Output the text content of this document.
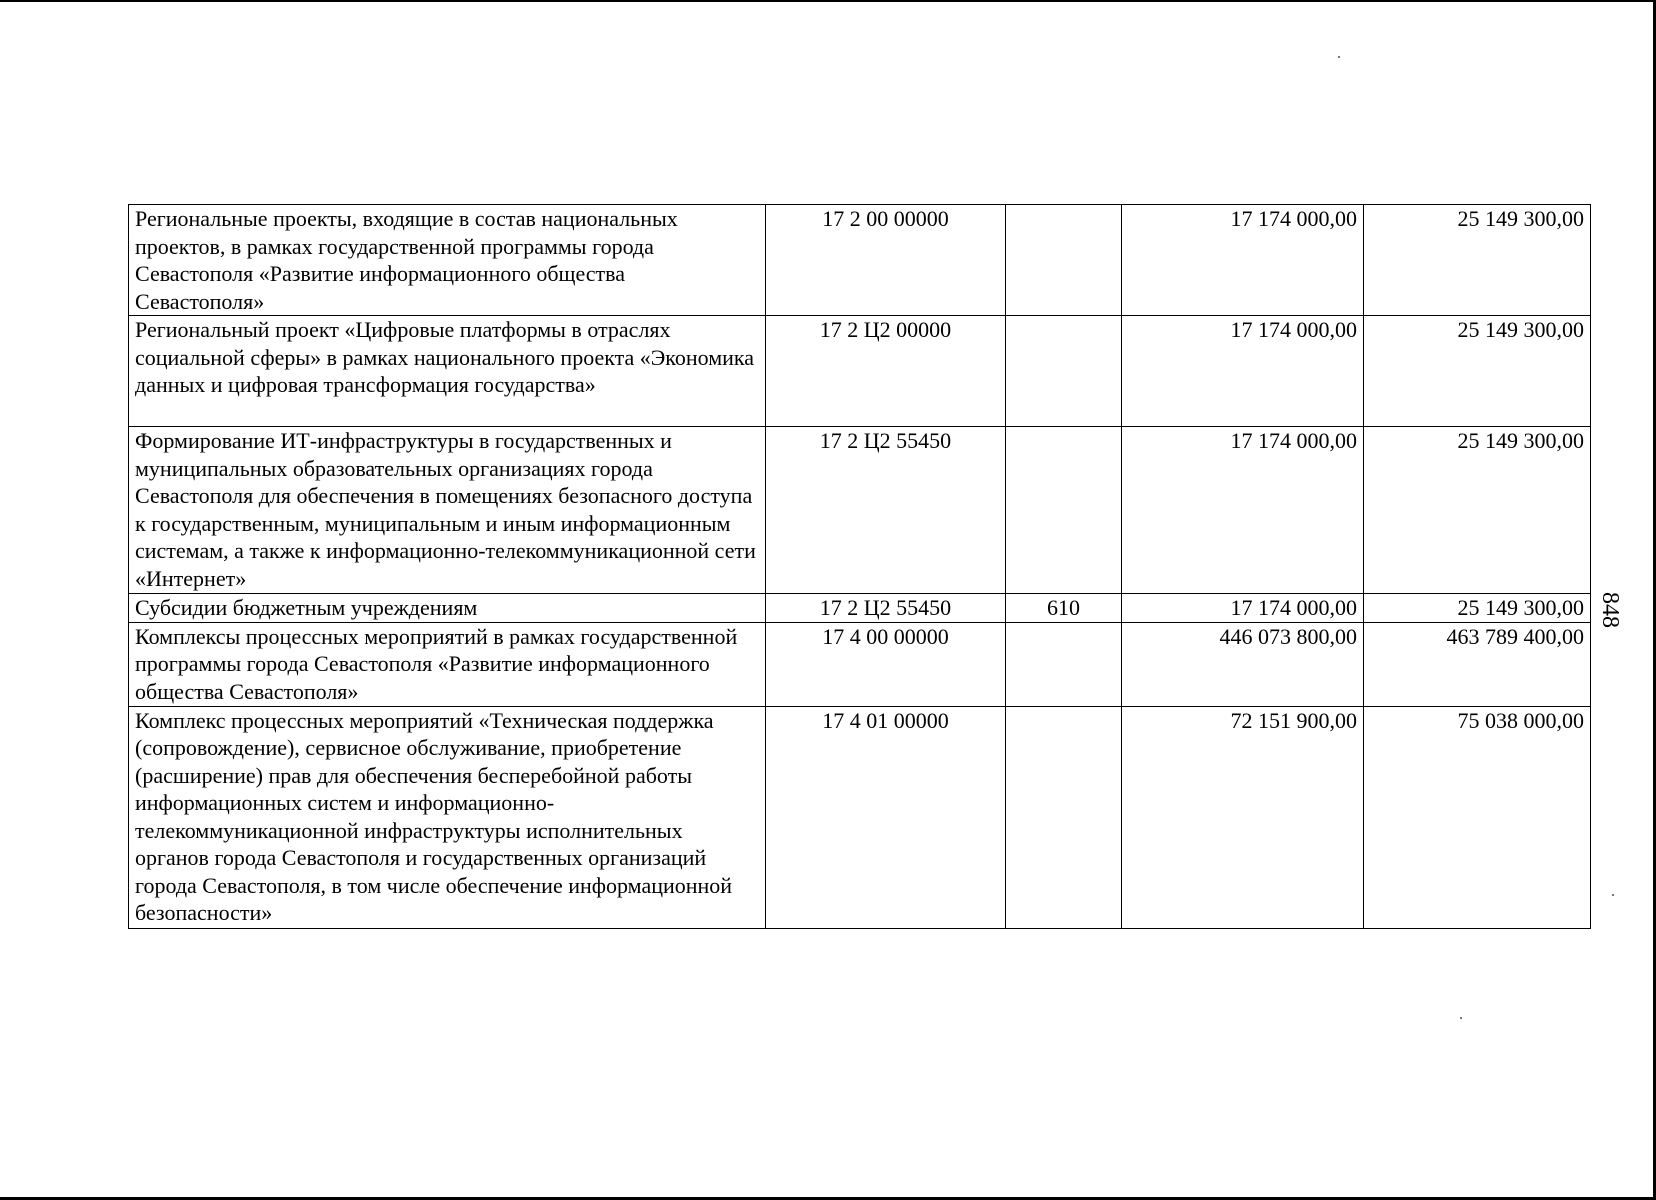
Региональные проекты, входящие в состав национальных проектов, в рамках государственной программы города Севастополя «Развитие информационного общества Севастополя»	17 2 00 00000		17 174 000,00	25 149 300,00
Региональный проект «Цифровые платформы в отраслях социальной сферы» в рамках национального проекта «Экономика данных и цифровая трансформация государства»	17 2 Ц2 00000		17 174 000,00	25 149 300,00
Формирование ИТ-инфраструктуры в государственных и муниципальных образовательных организациях города Севастополя для обеспечения в помещениях безопасного доступа к государственным, муниципальным и иным информационным системам, а также к информационно-телекоммуникационной сети «Интернет»	17 2 Ц2 55450		17 174 000,00	25 149 300,00
Субсидии бюджетным учреждениям	17 2 Ц2 55450	610	17 174 000,00	25 149 300,00
Комплексы процессных мероприятий в рамках государственной программы города Севастополя «Развитие информационного общества Севастополя»	17 4 00 00000		446 073 800,00	463 789 400,00
Комплекс процессных мероприятий «Техническая поддержка (сопровождение), сервисное обслуживание, приобретение (расширение) прав для обеспечения бесперебойной работы информационных систем и информационно-телекоммуникационной инфраструктуры исполнительных органов города Севастополя и государственных организаций города Севастополя, в том числе обеспечение информационной безопасности»	17 4 01 00000		72 151 900,00	75 038 000,00
848
